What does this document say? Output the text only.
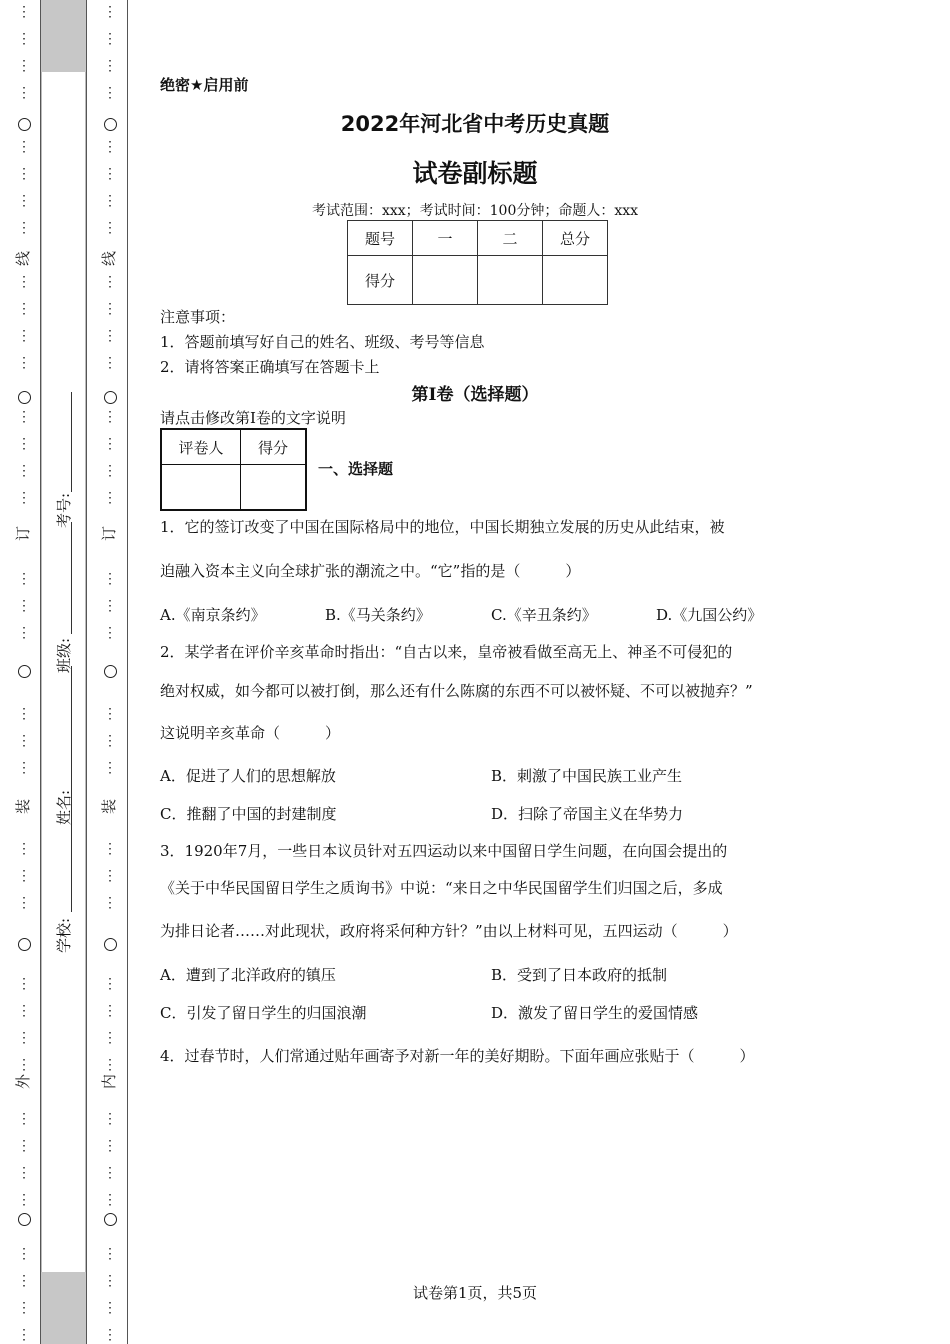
⋮
⋮
⋮
⋮
⋮
⋮
⋮
⋮
⋮
⋮
⋮
⋮
⋮
⋮
⋮
⋮
⋮
⋮
⋮
⋮
⋮
⋮
⋮
⋮
⋮
⋮
⋮
⋮
⋮
⋮
⋮
⋮
⋮
⋮
⋮
⋮
⋮
线
订
装
外
⋮
⋮
⋮
⋮
⋮
⋮
⋮
⋮
⋮
⋮
⋮
⋮
⋮
⋮
⋮
⋮
⋮
⋮
⋮
⋮
⋮
⋮
⋮
⋮
⋮
⋮
⋮
⋮
⋮
⋮
⋮
⋮
⋮
⋮
⋮
⋮
⋮
线
订
装
内
学校:
姓名:
班级:
考号:
绝密★启用前
2022年河北省中考历史真题
试卷副标题
考试范围：xxx；考试时间：100分钟；命题人：xxx
题号	一	二	总分
得分			
注意事项：
1．答题前填写好自己的姓名、班级、考号等信息
2．请将答案正确填写在答题卡上
第I卷（选择题）
请点击修改第I卷的文字说明
评卷人	得分

一、选择题
1．它的签订改变了中国在国际格局中的地位，中国长期独立发展的历史从此结束，被
迫融入资本主义向全球扩张的潮流之中。“它”指的是（　　　）
A.《南京条约》	B.《马关条约》	C.《辛丑条约》	D.《九国公约》
2．某学者在评价辛亥革命时指出：“自古以来，皇帝被看做至高无上、神圣不可侵犯的
绝对权威，如今都可以被打倒，那么还有什么陈腐的东西不可以被怀疑、不可以被抛弃？”
这说明辛亥革命（　　　）
A．促进了人们的思想解放	B．刺激了中国民族工业产生
C．推翻了中国的封建制度	D．扫除了帝国主义在华势力
3．1920年7月，一些日本议员针对五四运动以来中国留日学生问题，在向国会提出的
《关于中华民国留日学生之质询书》中说：“来日之中华民国留学生们归国之后，多成
为排日论者……对此现状，政府将采何种方针？”由以上材料可见，五四运动（　　　）
A．遭到了北洋政府的镇压	B．受到了日本政府的抵制
C．引发了留日学生的归国浪潮	D．激发了留日学生的爱国情感
4．过春节时，人们常通过贴年画寄予对新一年的美好期盼。下面年画应张贴于（　　　）
试卷第1页，共5页
